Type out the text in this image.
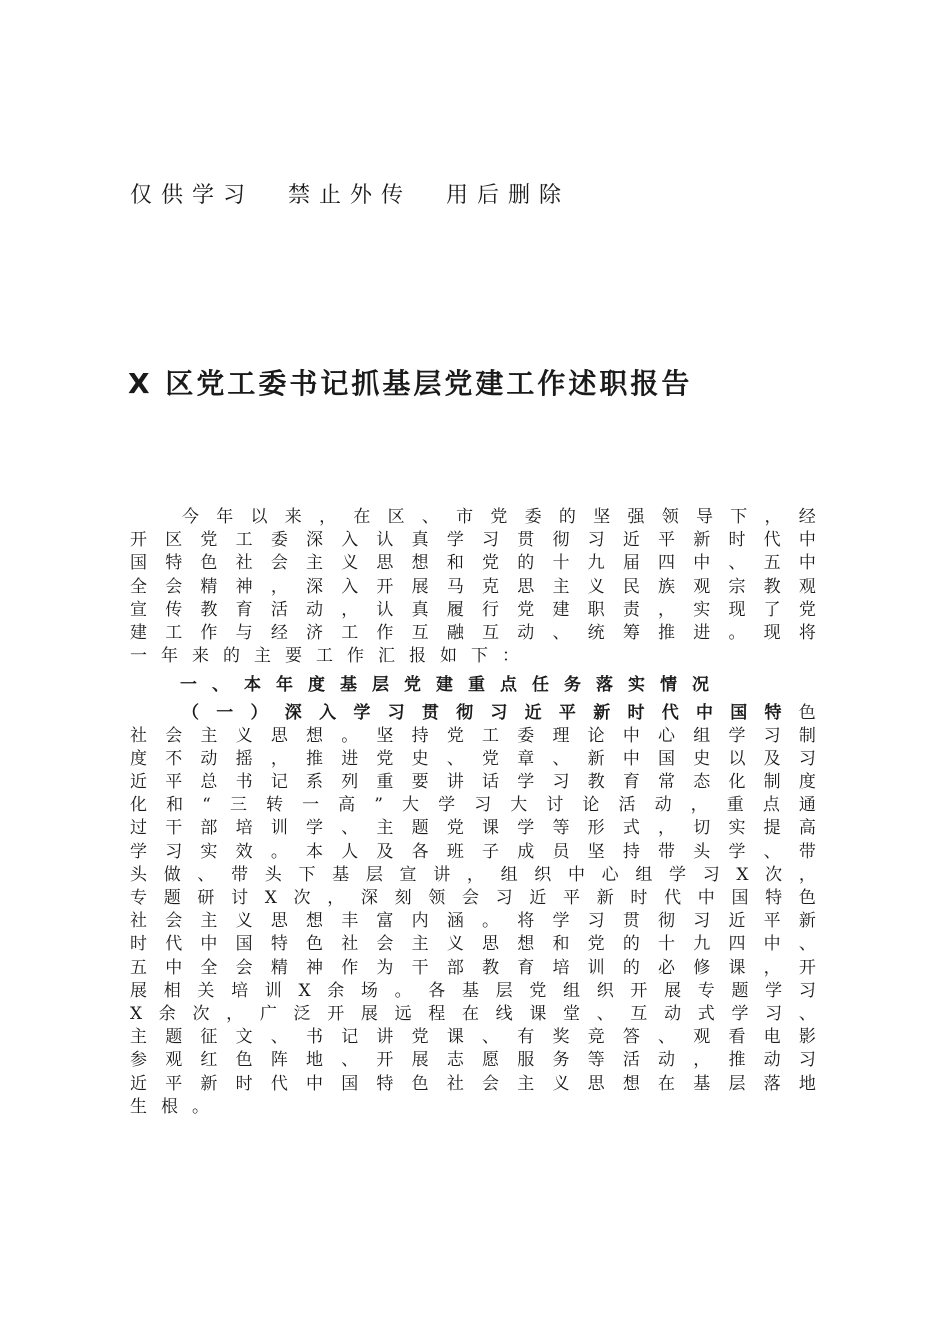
仅供学习 禁止外传 用后删除
X 区党工委书记抓基层党建工作述职报告
今 年 以 来 ， 在 区 、 市 党 委 的 坚 强 领 导 下 ， 经
开 区 党 工 委 深 入 认 真 学 习 贯 彻 习 近 平 新 时 代 中
国 特 色 社 会 主 义 思 想 和 党 的 十 九 届 四 中 、 五 中
全 会 精 神 ， 深 入 开 展 马 克 思 主 义 民 族 观 宗 教 观
宣 传 教 育 活 动 ， 认 真 履 行 党 建 职 责 ， 实 现 了 党
建 工 作 与 经 济 工 作 互 融 互 动 、 统 筹 推 进 。 现 将
一 年 来 的 主 要 工 作 汇 报 如 下 ：
一 、 本 年 度 基 层 党 建 重 点 任 务 落 实 情 况
（ 一 ） 深 入 学 习 贯 彻 习 近 平 新 时 代 中 国 特 色
社 会 主 义 思 想 。 坚 持 党 工 委 理 论 中 心 组 学 习 制
度 不 动 摇 ， 推 进 党 史 、 党 章 、 新 中 国 史 以 及 习
近 平 总 书 记 系 列 重 要 讲 话 学 习 教 育 常 态 化 制 度
化 和 “ 三 转 一 高 ” 大 学 习 大 讨 论 活 动 ， 重 点 通
过 干 部 培 训 学 、 主 题 党 课 学 等 形 式 ， 切 实 提 高
学 习 实 效 。 本 人 及 各 班 子 成 员 坚 持 带 头 学 、 带
头 做 、 带 头 下 基 层 宣 讲 ， 组 织 中 心 组 学 习 X 次 ，
专 题 研 讨 X 次 ， 深 刻 领 会 习 近 平 新 时 代 中 国 特 色
社 会 主 义 思 想 丰 富 内 涵 。 将 学 习 贯 彻 习 近 平 新
时 代 中 国 特 色 社 会 主 义 思 想 和 党 的 十 九 四 中 、
五 中 全 会 精 神 作 为 干 部 教 育 培 训 的 必 修 课 ， 开
展 相 关 培 训 X 余 场 。 各 基 层 党 组 织 开 展 专 题 学 习
X 余 次 ， 广 泛 开 展 远 程 在 线 课 堂 、 互 动 式 学 习 、
主 题 征 文 、 书 记 讲 党 课 、 有 奖 竞 答 、 观 看 电 影
参 观 红 色 阵 地 、 开 展 志 愿 服 务 等 活 动 ， 推 动 习
近 平 新 时 代 中 国 特 色 社 会 主 义 思 想 在 基 层 落 地
生 根 。
